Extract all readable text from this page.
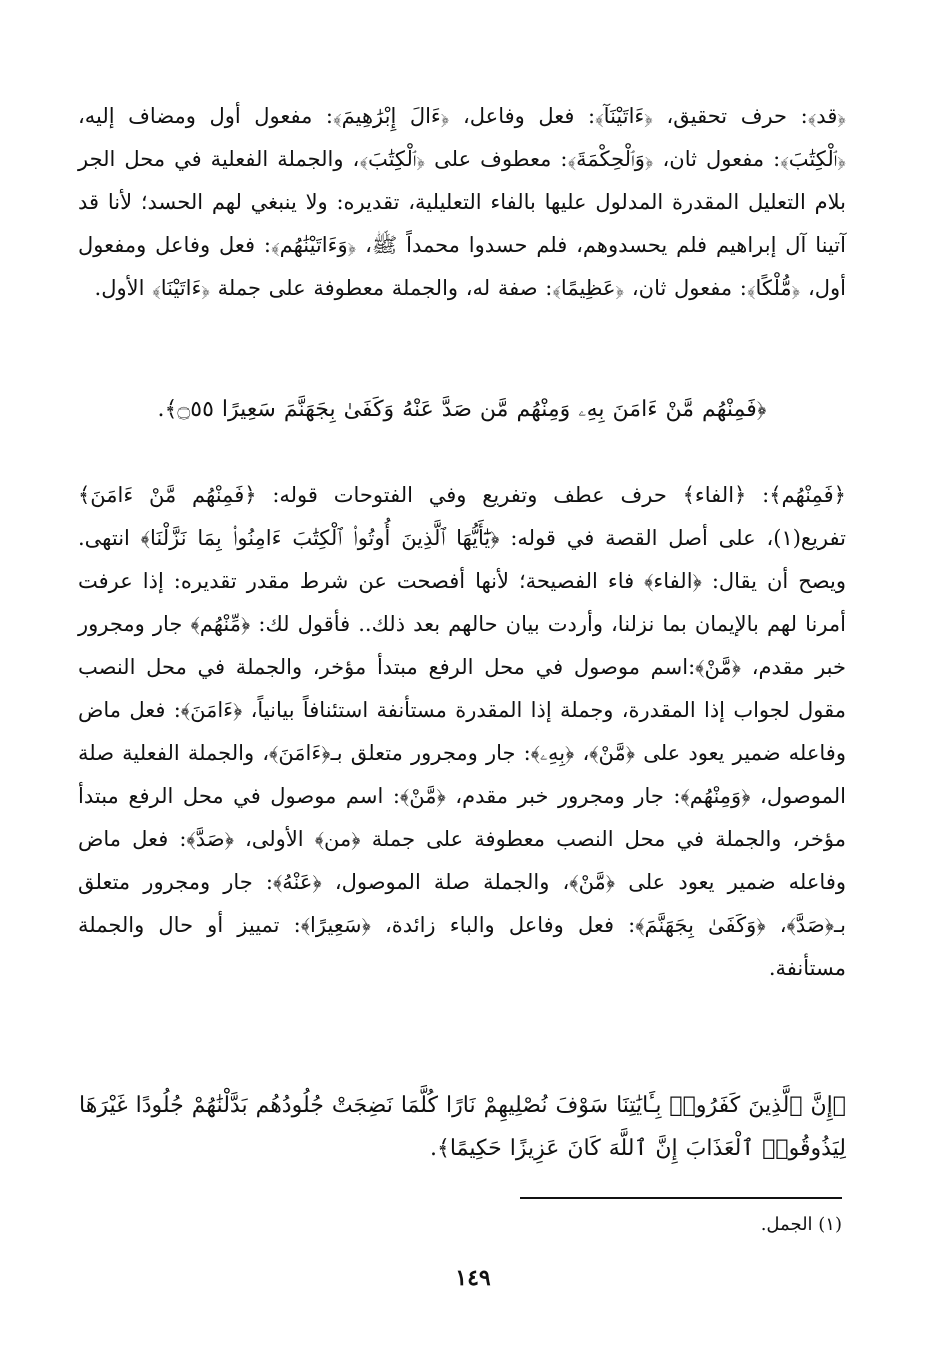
﴿قد﴾: حرف تحقيق، ﴿ءَاتَيْنَآ﴾: فعل وفاعل، ﴿ءَالَ إِبْرَٰهِيمَ﴾: مفعول أول ومضاف إليه، ﴿ٱلْكِتَٰبَ﴾: مفعول ثان، ﴿وَٱلْحِكْمَةَ﴾: معطوف على ﴿ٱلْكِتَٰبَ﴾، والجملة الفعلية في محل الجر بلام التعليل المقدرة المدلول عليها بالفاء التعليلية، تقديره: ولا ينبغي لهم الحسد؛ لأنا قد آتينا آل إبراهيم فلم يحسدوهم، فلم حسدوا محمداً ﷺ، ﴿وَءَاتَيْنَٰهُم﴾: فعل وفاعل ومفعول أول، ﴿مُّلْكًا﴾: مفعول ثان، ﴿عَظِيمًا﴾: صفة له، والجملة معطوفة على جملة ﴿ءَاتَيْنَا﴾ الأول.

﴿فَمِنْهُم مَّنْ ءَامَنَ بِهِۦ وَمِنْهُم مَّن صَدَّ عَنْهُ وَكَفَىٰ بِجَهَنَّمَ سَعِيرًا ۝٥٥﴾.

﴿فَمِنْهُم﴾: ﴿الفاء﴾ حرف عطف وتفريع وفي الفتوحات قوله: ﴿فَمِنْهُم مَّنْ ءَامَنَ﴾ تفريع(١)، على أصل القصة في قوله: ﴿يَٰٓأَيُّهَا ٱلَّذِينَ أُوتُوا۟ ٱلْكِتَٰبَ ءَامِنُوا۟ بِمَا نَزَّلْنَا﴾ انتهى. ويصح أن يقال: ﴿الفاء﴾ فاء الفصيحة؛ لأنها أفصحت عن شرط مقدر تقديره: إذا عرفت أمرنا لهم بالإيمان بما نزلنا، وأردت بيان حالهم بعد ذلك.. فأقول لك: ﴿مِّنْهُم﴾ جار ومجرور خبر مقدم، ﴿مَّنْ﴾:اسم موصول في محل الرفع مبتدأ مؤخر، والجملة في محل النصب مقول لجواب إذا المقدرة، وجملة إذا المقدرة مستأنفة استئنافاً بيانياً، ﴿ءَامَنَ﴾: فعل ماض وفاعله ضمير يعود على ﴿مَّنْ﴾، ﴿بِهِۦ﴾: جار ومجرور متعلق بـ﴿ءَامَنَ﴾، والجملة الفعلية صلة الموصول، ﴿وَمِنْهُم﴾: جار ومجرور خبر مقدم، ﴿مَّنْ﴾: اسم موصول في محل الرفع مبتدأ مؤخر، والجملة في محل النصب معطوفة على جملة ﴿من﴾ الأولى، ﴿صَدَّ﴾: فعل ماض وفاعله ضمير يعود على ﴿مَّنْ﴾، والجملة صلة الموصول، ﴿عَنْهُ﴾: جار ومجرور متعلق بـ﴿صَدَّ﴾، ﴿وَكَفَىٰ بِجَهَنَّمَ﴾: فعل وفاعل والباء زائدة، ﴿سَعِيرًا﴾: تمييز أو حال والجملة مستأنفة.

﴿إِنَّ ٱلَّذِينَ كَفَرُوا۟ بِـَٔايَٰتِنَا سَوْفَ نُصْلِيهِمْ نَارًا كُلَّمَا نَضِجَتْ جُلُودُهُم بَدَّلْنَٰهُمْ جُلُودًا غَيْرَهَا
لِيَذُوقُوا۟ ٱلْعَذَابَ إِنَّ ٱللَّهَ كَانَ عَزِيزًا حَكِيمًا﴾.
(١) الجمل.
١٤٩
